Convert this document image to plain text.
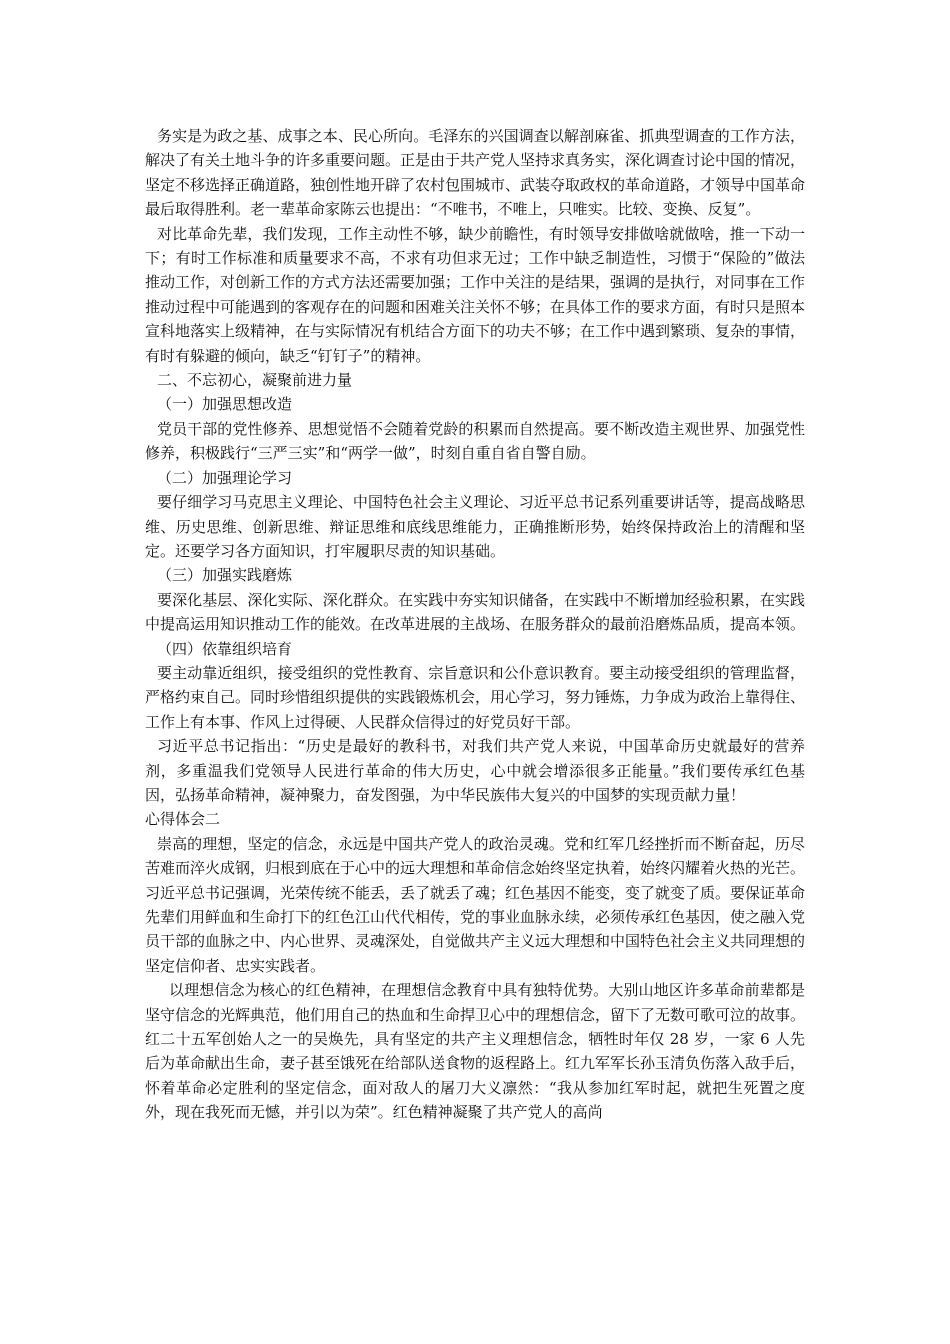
务实是为政之基、成事之本、民心所向。毛泽东的兴国调查以解剖麻雀、抓典型调查的工作方法，解决了有关土地斗争的许多重要问题。正是由于共产党人坚持求真务实，深化调查讨论中国的情况，坚定不移选择正确道路，独创性地开辟了农村包围城市、武装夺取政权的革命道路，才领导中国革命最后取得胜利。老一辈革命家陈云也提出：“不唯书，不唯上，只唯实。比较、变换、反复”。

对比革命先辈，我们发现，工作主动性不够，缺少前瞻性，有时领导安排做啥就做啥，推一下动一下；有时工作标准和质量要求不高，不求有功但求无过；工作中缺乏制造性，习惯于“保险的”做法推动工作，对创新工作的方式方法还需要加强；工作中关注的是结果，强调的是执行，对同事在工作推动过程中可能遇到的客观存在的问题和困难关注关怀不够；在具体工作的要求方面，有时只是照本宣科地落实上级精神，在与实际情况有机结合方面下的功夫不够；在工作中遇到繁琐、复杂的事情，有时有躲避的倾向，缺乏“钉钉子”的精神。

二、不忘初心，凝聚前进力量

（一）加强思想改造

党员干部的党性修养、思想觉悟不会随着党龄的积累而自然提高。要不断改造主观世界、加强党性修养，积极践行“三严三实”和“两学一做”，时刻自重自省自警自励。

（二）加强理论学习

要仔细学习马克思主义理论、中国特色社会主义理论、习近平总书记系列重要讲话等，提高战略思维、历史思维、创新思维、辩证思维和底线思维能力，正确推断形势，始终保持政治上的清醒和坚定。还要学习各方面知识，打牢履职尽责的知识基础。

（三）加强实践磨炼

要深化基层、深化实际、深化群众。在实践中夯实知识储备，在实践中不断增加经验积累，在实践中提高运用知识推动工作的能效。在改革进展的主战场、在服务群众的最前沿磨炼品质，提高本领。

（四）依靠组织培育

要主动靠近组织，接受组织的党性教育、宗旨意识和公仆意识教育。要主动接受组织的管理监督，严格约束自己。同时珍惜组织提供的实践锻炼机会，用心学习，努力锤炼，力争成为政治上靠得住、工作上有本事、作风上过得硬、人民群众信得过的好党员好干部。

习近平总书记指出：“历史是最好的教科书，对我们共产党人来说，中国革命历史就最好的营养剂，多重温我们党领导人民进行革命的伟大历史，心中就会增添很多正能量。”我们要传承红色基因，弘扬革命精神，凝神聚力，奋发图强，为中华民族伟大复兴的中国梦的实现贡献力量！

心得体会二

崇高的理想，坚定的信念，永远是中国共产党人的政治灵魂。党和红军几经挫折而不断奋起，历尽苦难而淬火成钢，归根到底在于心中的远大理想和革命信念始终坚定执着，始终闪耀着火热的光芒。习近平总书记强调，光荣传统不能丢，丢了就丢了魂；红色基因不能变，变了就变了质。要保证革命先辈们用鲜血和生命打下的红色江山代代相传，党的事业血脉永续，必须传承红色基因，使之融入党员干部的血脉之中、内心世界、灵魂深处，自觉做共产主义远大理想和中国特色社会主义共同理想的坚定信仰者、忠实实践者。

以理想信念为核心的红色精神，在理想信念教育中具有独特优势。大别山地区许多革命前辈都是坚守信念的光辉典范，他们用自己的热血和生命捍卫心中的理想信念，留下了无数可歌可泣的故事。红二十五军创始人之一的吴焕先，具有坚定的共产主义理想信念，牺牲时年仅 28 岁，一家 6 人先后为革命献出生命，妻子甚至饿死在给部队送食物的返程路上。红九军军长孙玉清负伤落入敌手后，怀着革命必定胜利的坚定信念，面对敌人的屠刀大义凛然：“我从参加红军时起，就把生死置之度外，现在我死而无憾，并引以为荣”。红色精神凝聚了共产党人的高尚
